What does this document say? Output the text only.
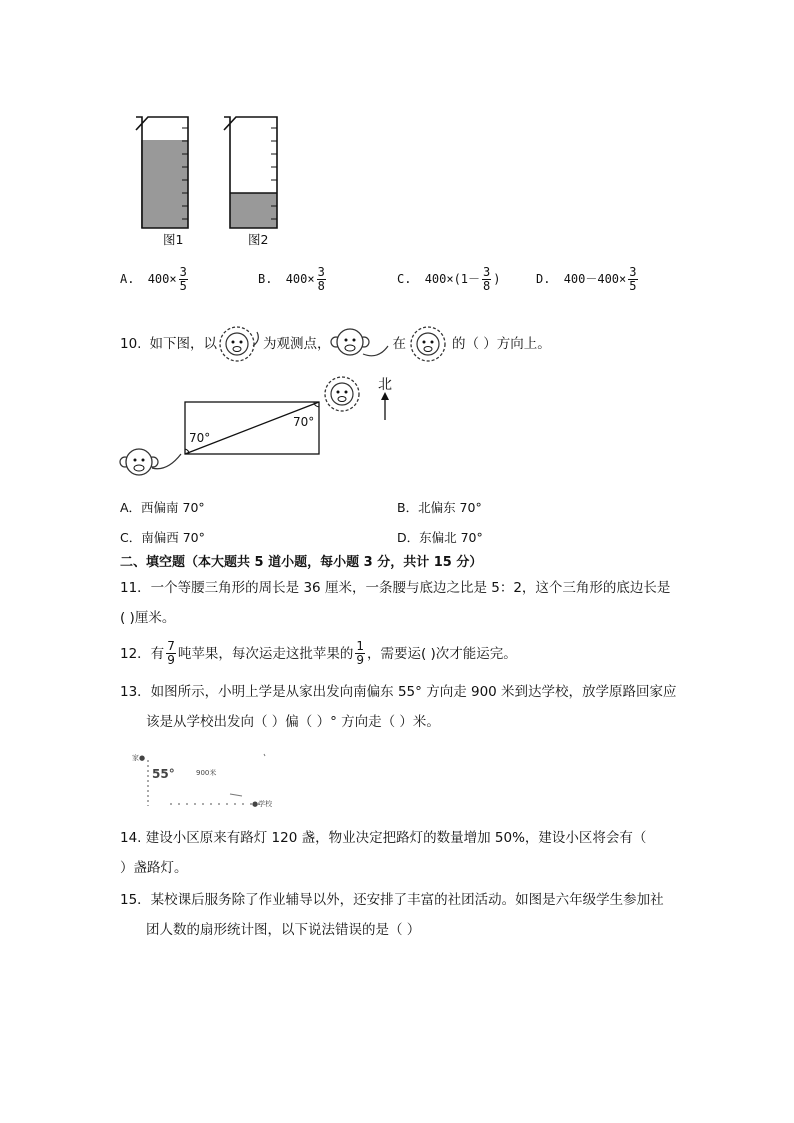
图1	图2
A. $400\times \frac{3}{5}$	B. $400\times \frac{3}{8}$	C. $400\times(1- \frac{3}{8}$ )	D. $400-400\times \frac{3}{5}$
10. 如下图，以	为观测点，	在	的（ ）方向上。
70°
70°
北
A．西偏南 70°	B．北偏东 70°
C．南偏西 70°	D．东偏北 70°
二、填空题（本大题共 5 道小题，每小题 3 分，共计 15 分）
11．一个等腰三角形的周长是 36 厘米，一条腰与底边之比是 5：2，这个三角形的底边长是
( )厘米。
12．有 $\frac{7}{9}$ 吨苹果，每次运走这批苹果的 $\frac{1}{9}$ ，需要运( )次才能运完。
13．如图所示，小明上学是从家出发向南偏东 55° 方向走 900 米到达学校，放学原路回家应
该是从学校出发向（ ）偏（ ）° 方向走（ ）米。
家●
55°	900米
●学校
14. 建设小区原来有路灯 120 盏，物业决定把路灯的数量增加 50%，建设小区将会有（
）盏路灯。
15．某校课后服务除了作业辅导以外，还安排了丰富的社团活动。如图是六年级学生参加社
团人数的扇形统计图，以下说法错误的是（ ）
